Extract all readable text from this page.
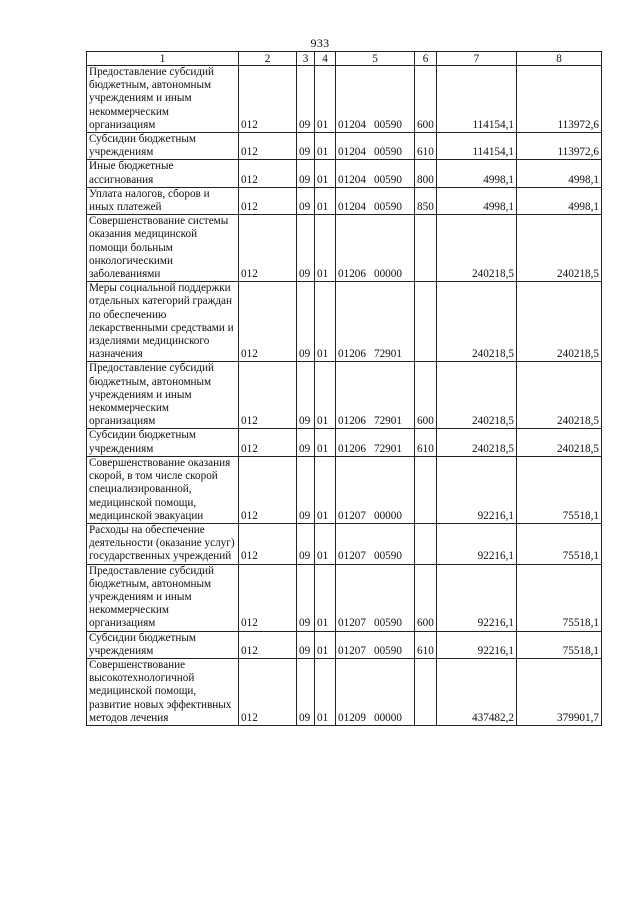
933
1	2	3	4	5	6	7	8
Предоставление субсидий бюджетным, автономным учреждениям и иным некоммерческим организациям	012	09	01	01204 00590	600	114154,1	113972,6
Субсидии бюджетным учреждениям	012	09	01	01204 00590	610	114154,1	113972,6
Иные бюджетные ассигнования	012	09	01	01204 00590	800	4998,1	4998,1
Уплата налогов, сборов и иных платежей	012	09	01	01204 00590	850	4998,1	4998,1
Совершенствование системы оказания медицинской помощи больным онкологическими заболеваниями	012	09	01	01206 00000		240218,5	240218,5
Меры социальной поддержки отдельных категорий граждан по обеспечению лекарственными средствами и изделиями медицинского назначения	012	09	01	01206 72901		240218,5	240218,5
Предоставление субсидий бюджетным, автономным учреждениям и иным некоммерческим организациям	012	09	01	01206 72901	600	240218,5	240218,5
Субсидии бюджетным учреждениям	012	09	01	01206 72901	610	240218,5	240218,5
Совершенствование оказания скорой, в том числе скорой специализированной, медицинской помощи, медицинской эвакуации	012	09	01	01207 00000		92216,1	75518,1
Расходы на обеспечение деятельности (оказание услуг) государственных учреждений	012	09	01	01207 00590		92216,1	75518,1
Предоставление субсидий бюджетным, автономным учреждениям и иным некоммерческим организациям	012	09	01	01207 00590	600	92216,1	75518,1
Субсидии бюджетным учреждениям	012	09	01	01207 00590	610	92216,1	75518,1
Совершенствование высокотехнологичной медицинской помощи, развитие новых эффективных методов лечения	012	09	01	01209 00000		437482,2	379901,7
